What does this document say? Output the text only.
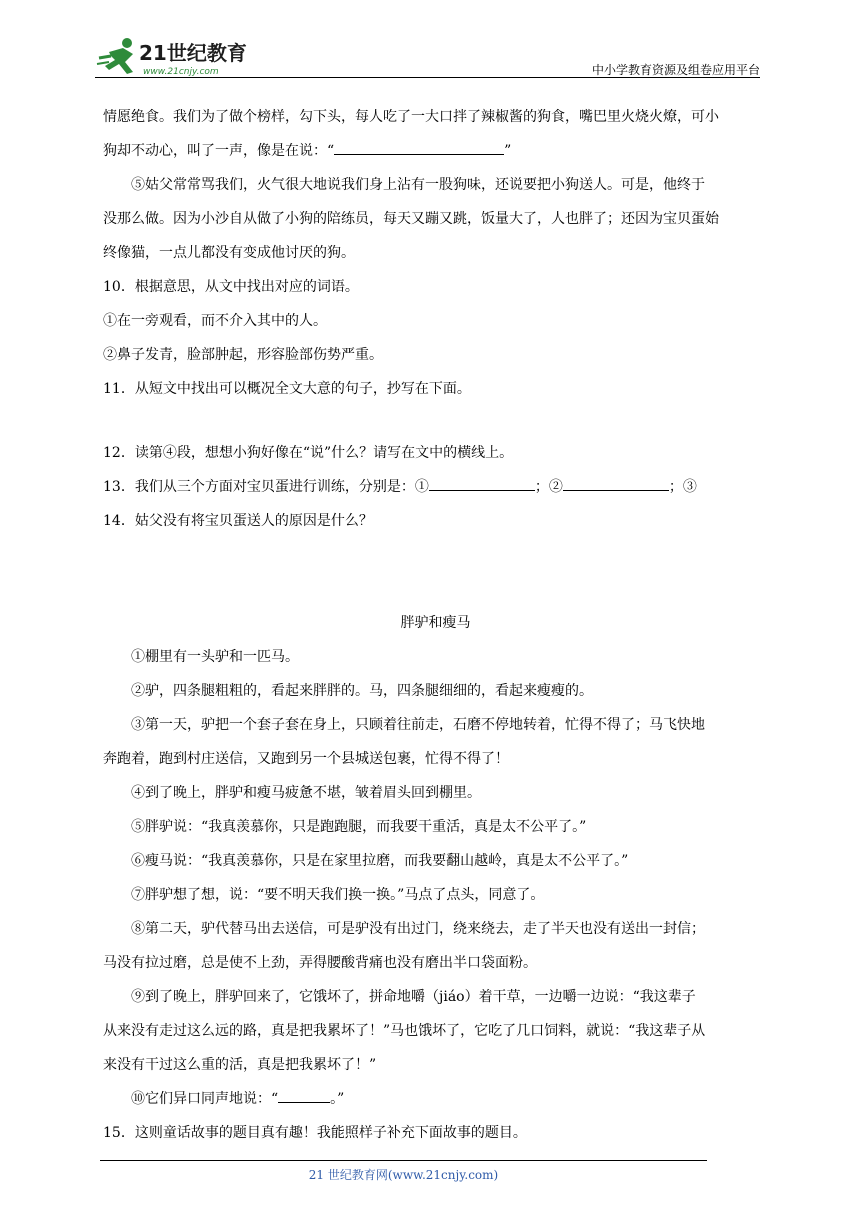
21世纪教育
www.21cnjy.com	中小学教育资源及组卷应用平台

情愿绝食。我们为了做个榜样，勾下头，每人吃了一大口拌了辣椒酱的狗食，嘴巴里火烧火燎，可小

狗却不动心，叫了一声，像是在说：“	”

⑤姑父常常骂我们，火气很大地说我们身上沾有一股狗味，还说要把小狗送人。可是，他终于

没那么做。因为小沙自从做了小狗的陪练员，每天又蹦又跳，饭量大了，人也胖了；还因为宝贝蛋始

终像猫，一点儿都没有变成他讨厌的狗。

10．根据意思，从文中找出对应的词语。

①在一旁观看，而不介入其中的人。

②鼻子发青，脸部肿起，形容脸部伤势严重。

11．从短文中找出可以概况全文大意的句子，抄写在下面。

12．读第④段，想想小狗好像在“说”什么？请写在文中的横线上。

13．我们从三个方面对宝贝蛋进行训练，分别是：①	；②	；③

14．姑父没有将宝贝蛋送人的原因是什么？

胖驴和瘦马

①棚里有一头驴和一匹马。

②驴，四条腿粗粗的，看起来胖胖的。马，四条腿细细的，看起来瘦瘦的。

③第一天，驴把一个套子套在身上，只顾着往前走，石磨不停地转着，忙得不得了；马飞快地

奔跑着，跑到村庄送信，又跑到另一个县城送包裹，忙得不得了！

④到了晚上，胖驴和瘦马疲惫不堪，皱着眉头回到棚里。

⑤胖驴说：“我真羡慕你，只是跑跑腿，而我要干重活，真是太不公平了。”

⑥瘦马说：“我真羡慕你，只是在家里拉磨，而我要翻山越岭，真是太不公平了。”

⑦胖驴想了想，说：“要不明天我们换一换。”马点了点头，同意了。

⑧第二天，驴代替马出去送信，可是驴没有出过门，绕来绕去，走了半天也没有送出一封信；

马没有拉过磨，总是使不上劲，弄得腰酸背痛也没有磨出半口袋面粉。

⑨到了晚上，胖驴回来了，它饿坏了，拼命地嚼（jiáo）着干草，一边嚼一边说：“我这辈子

从来没有走过这么远的路，真是把我累坏了！”马也饿坏了，它吃了几口饲料，就说：“我这辈子从

来没有干过这么重的活，真是把我累坏了！”

⑩它们异口同声地说：“	。”

15．这则童话故事的题目真有趣！我能照样子补充下面故事的题目。

21 世纪教育网(www.21cnjy.com)
